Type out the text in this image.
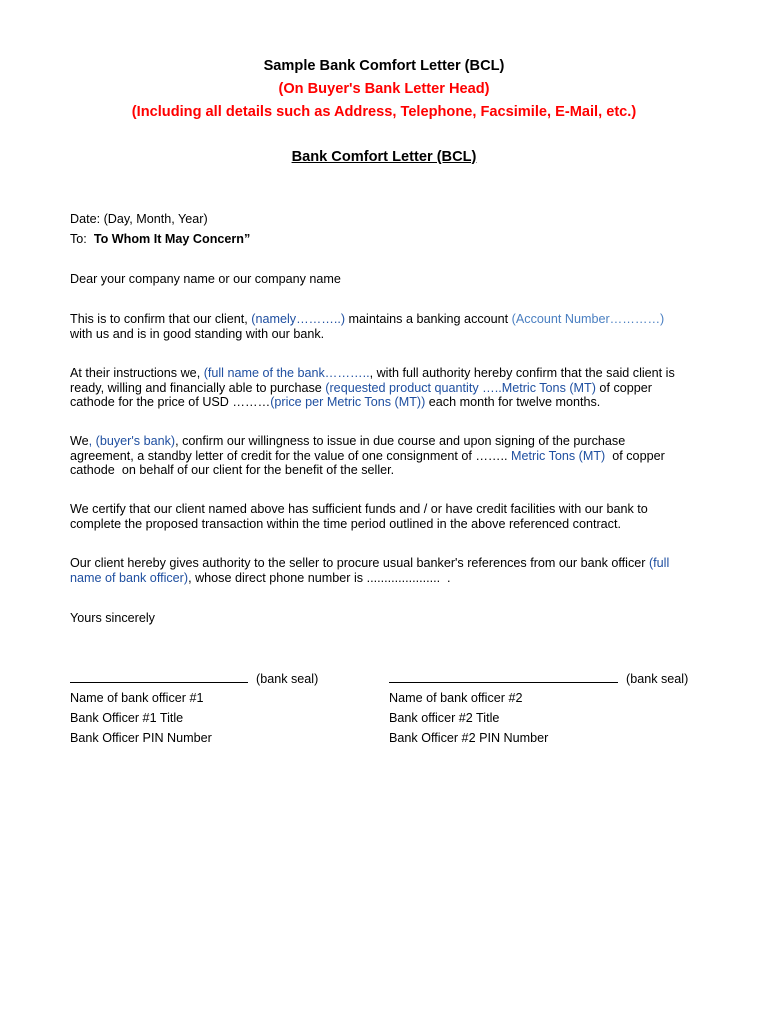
Sample Bank Comfort Letter (BCL)
(On Buyer's Bank Letter Head)
(Including all details such as Address, Telephone, Facsimile, E-Mail, etc.)
Bank Comfort Letter (BCL)
Date: (Day, Month, Year)
To:  To Whom It May Concern”
Dear your company name or our company name
This is to confirm that our client, (namely………..) maintains a banking account (Account Number…………)
with us and is in good standing with our bank.
At their instructions we, (full name of the bank……….., with full authority hereby confirm that the said client is
ready, willing and financially able to purchase (requested product quantity …..Metric Tons (MT) of copper
cathode for the price of USD ………(price per Metric Tons (MT)) each month for twelve months.
We, (buyer's bank), confirm our willingness to issue in due course and upon signing of the purchase
agreement, a standby letter of credit for the value of one consignment of …….. Metric Tons (MT)  of copper
cathode  on behalf of our client for the benefit of the seller.
We certify that our client named above has sufficient funds and / or have credit facilities with our bank to
complete the proposed transaction within the time period outlined in the above referenced contract.
Our client hereby gives authority to the seller to procure usual banker's references from our bank officer (full
name of bank officer), whose direct phone number is .....................  .
Yours sincerely
(bank seal)
Name of bank officer #1
Bank Officer #1 Title
Bank Officer PIN Number
(bank seal)
Name of bank officer #2
Bank officer #2 Title
Bank Officer #2 PIN Number
